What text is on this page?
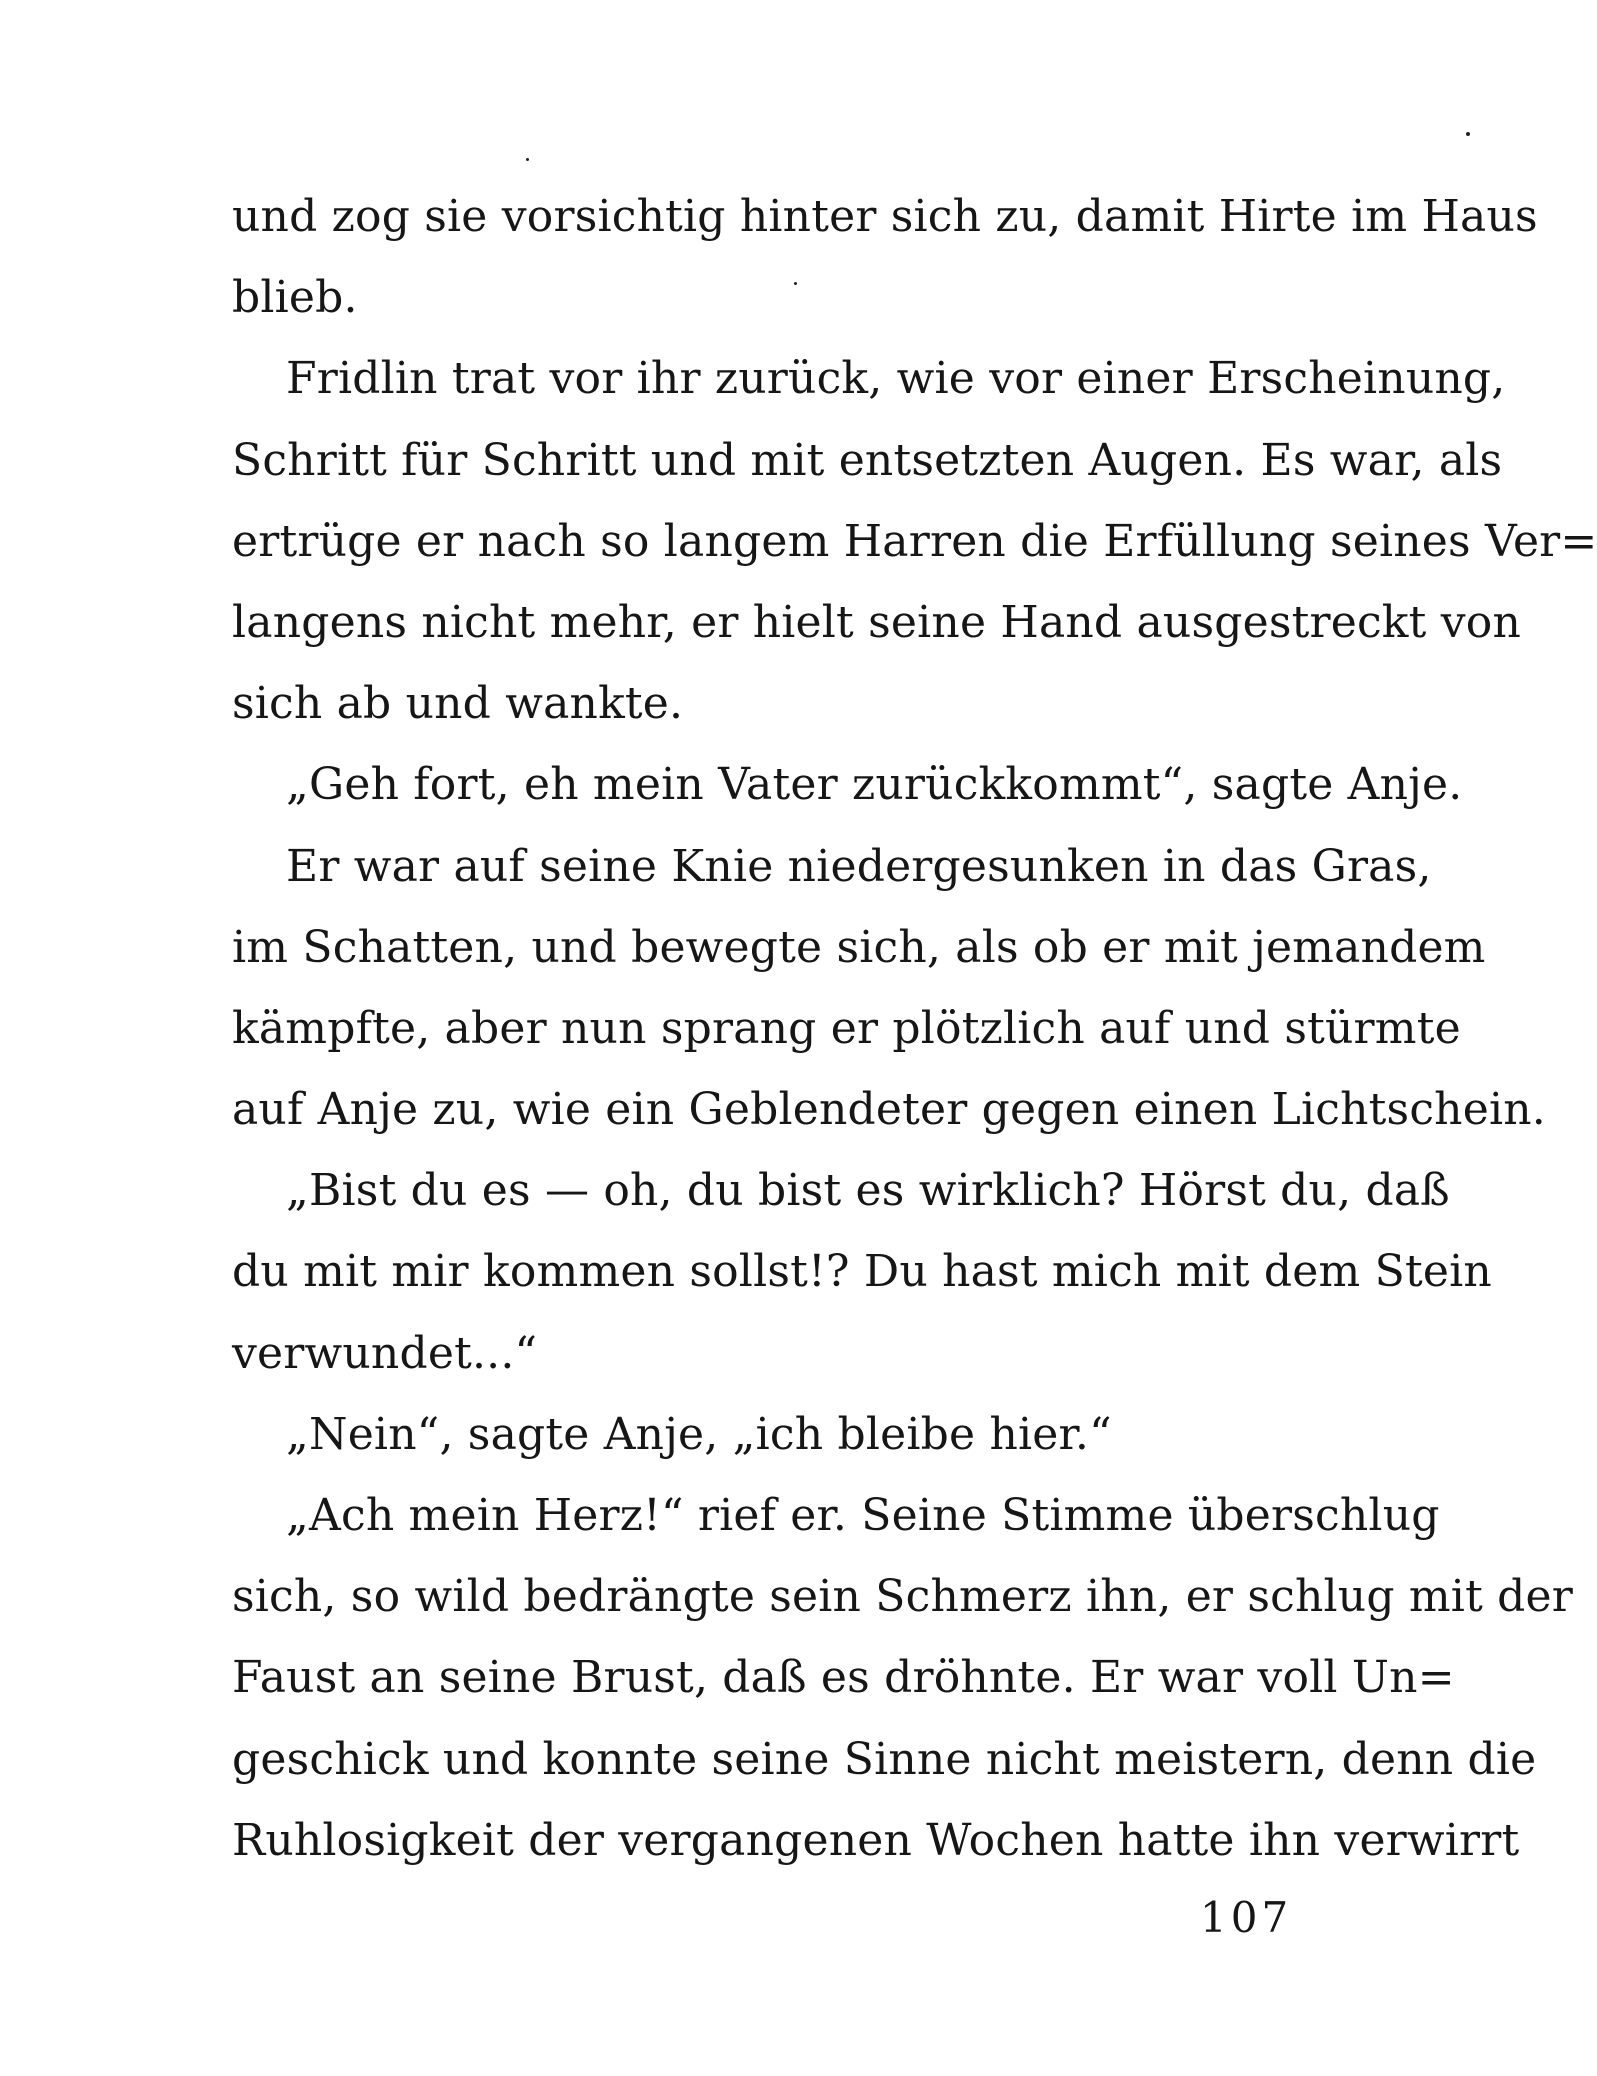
und zog sie vorsichtig hinter sich zu, damit Hirte im Haus
blieb.
Fridlin trat vor ihr zurück, wie vor einer Erscheinung,
Schritt für Schritt und mit entsetzten Augen. Es war, als
ertrüge er nach so langem Harren die Erfüllung seines Ver=
langens nicht mehr, er hielt seine Hand ausgestreckt von
sich ab und wankte.
„Geh fort, eh mein Vater zurückkommt“, sagte Anje.
Er war auf seine Knie niedergesunken in das Gras,
im Schatten, und bewegte sich, als ob er mit jemandem
kämpfte, aber nun sprang er plötzlich auf und stürmte
auf Anje zu, wie ein Geblendeter gegen einen Lichtschein.
„Bist du es — oh, du bist es wirklich? Hörst du, daß
du mit mir kommen sollst!? Du hast mich mit dem Stein
verwundet...“
„Nein“, sagte Anje, „ich bleibe hier.“
„Ach mein Herz!“ rief er. Seine Stimme überschlug
sich, so wild bedrängte sein Schmerz ihn, er schlug mit der
Faust an seine Brust, daß es dröhnte. Er war voll Un=
geschick und konnte seine Sinne nicht meistern, denn die
Ruhlosigkeit der vergangenen Wochen hatte ihn verwirrt
107
